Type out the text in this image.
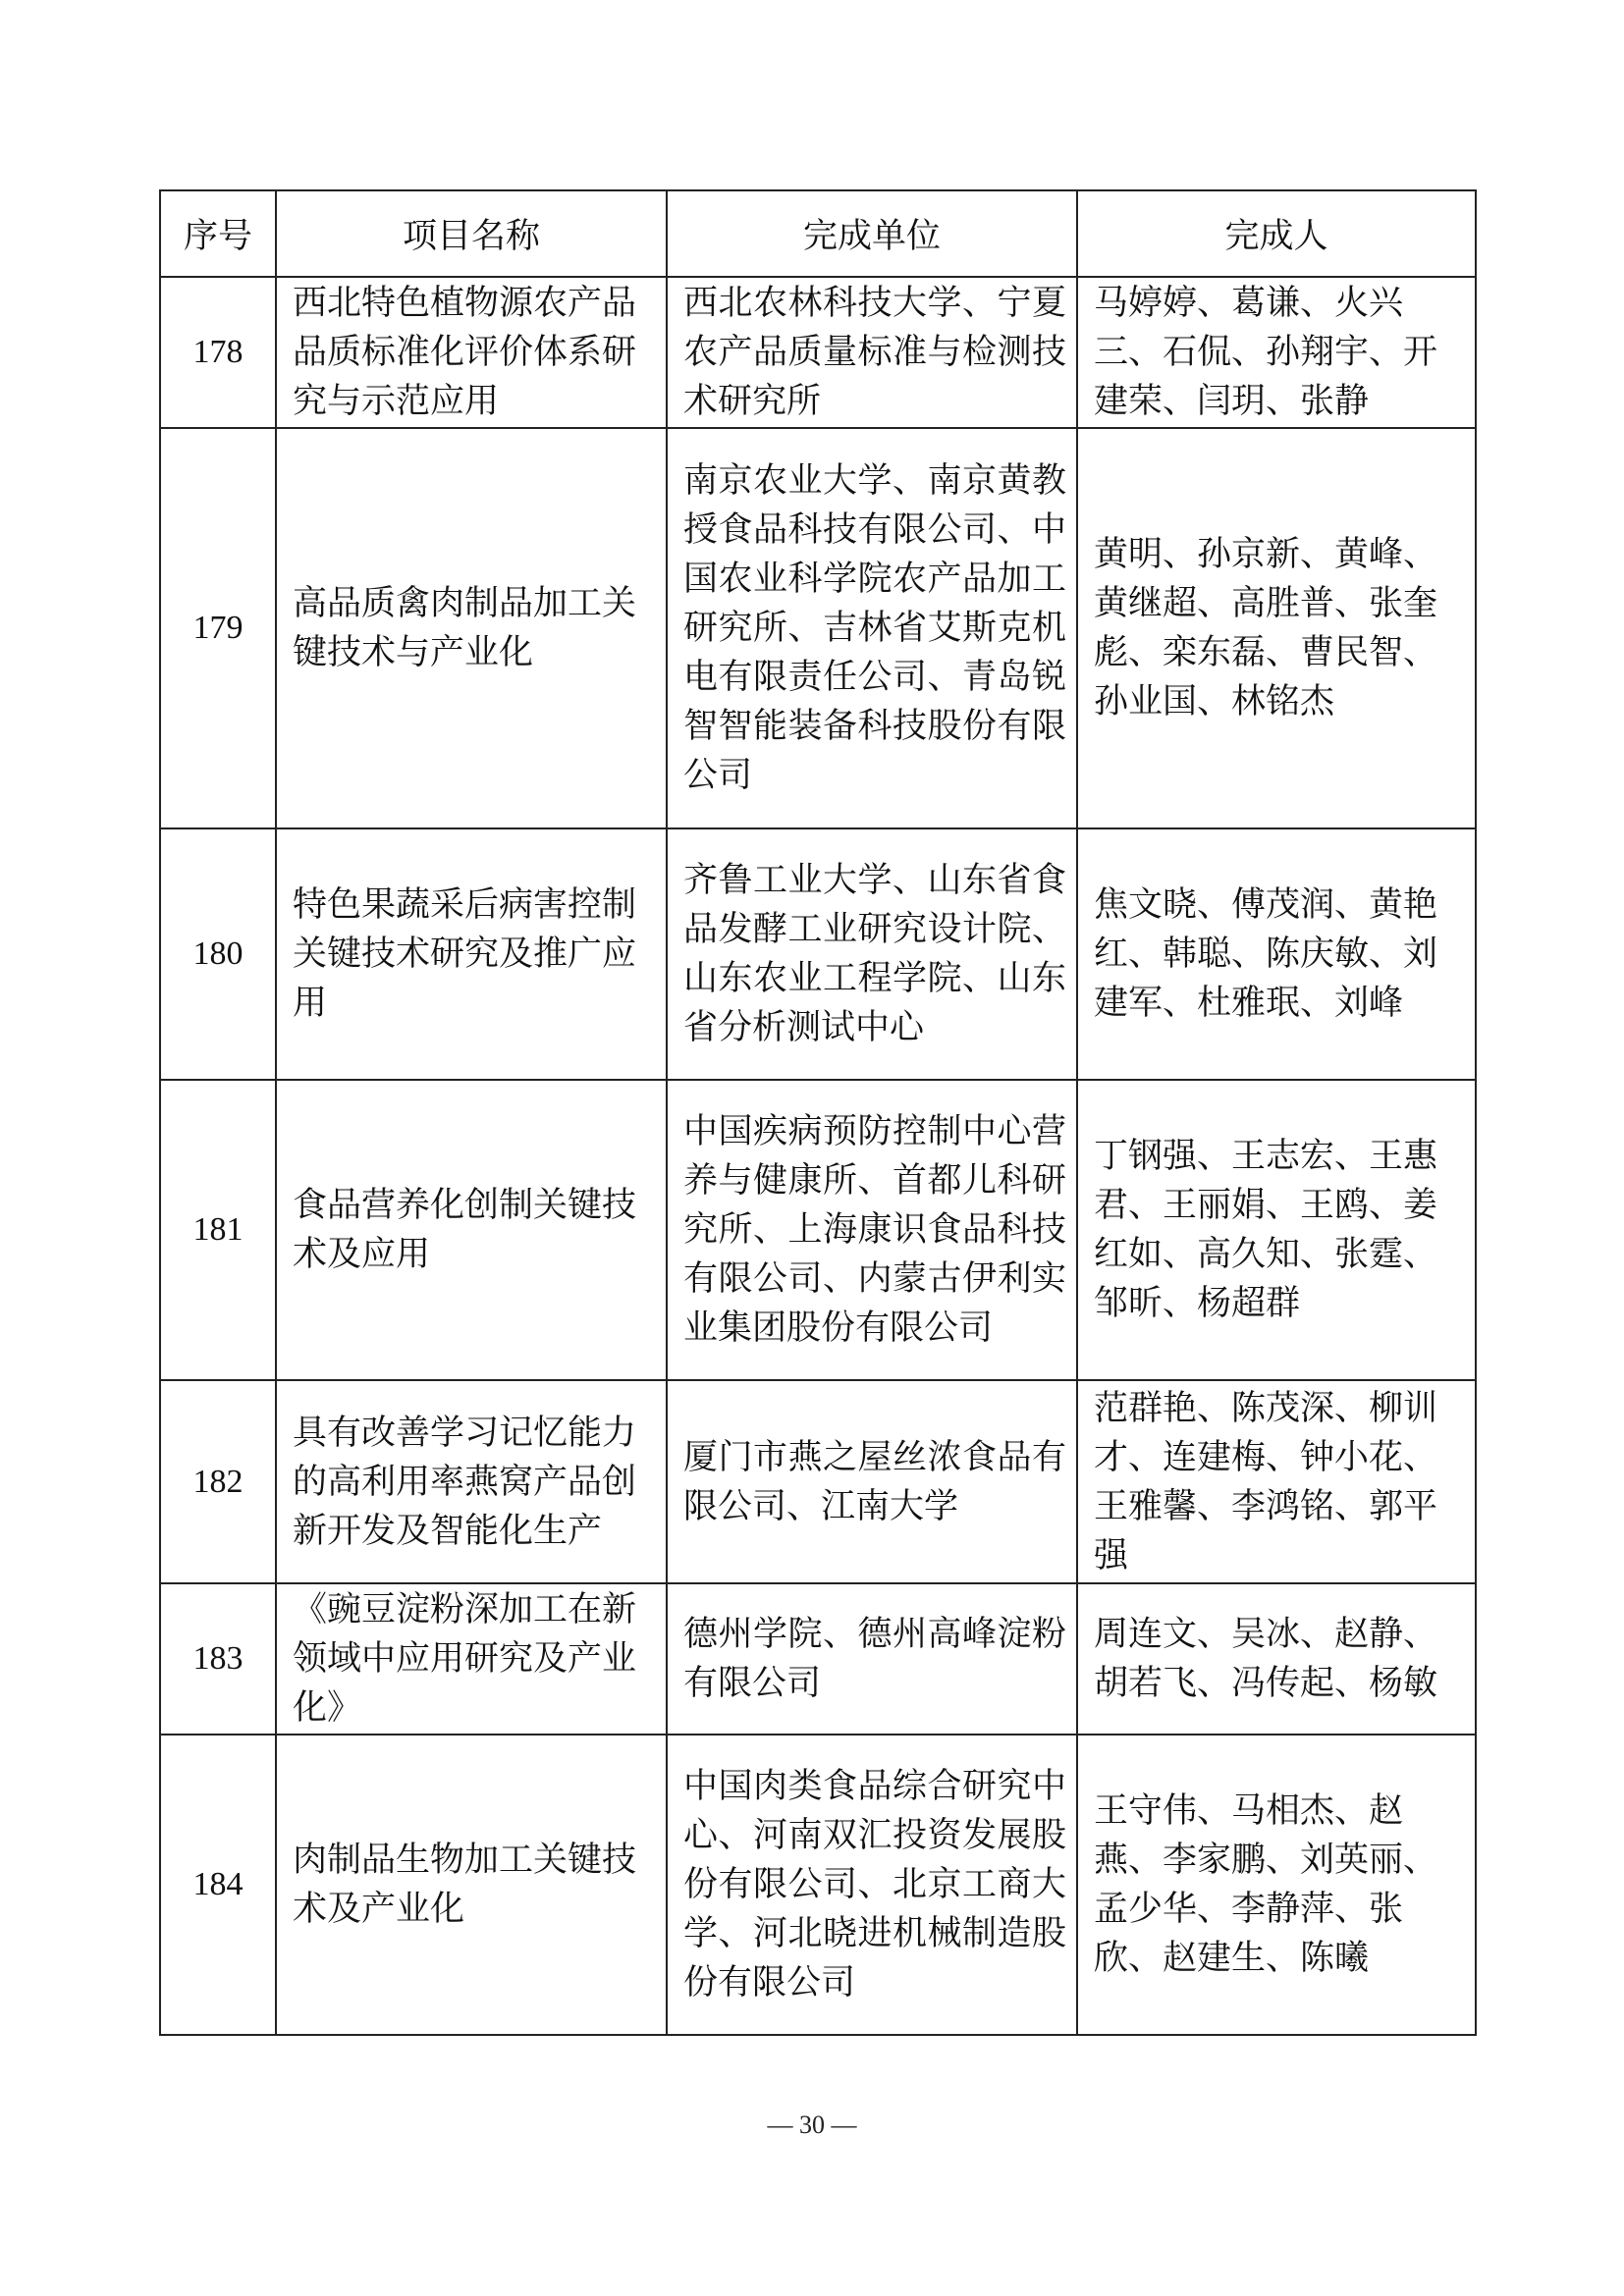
序号	项目名称	完成单位	完成人
178	西北特色植物源农产品品质标准化评价体系研究与示范应用	西北农林科技大学、宁夏农产品质量标准与检测技术研究所	马婷婷、葛谦、火兴三、石侃、孙翔宇、开建荣、闫玥、张静
179	高品质禽肉制品加工关键技术与产业化	南京农业大学、南京黄教授食品科技有限公司、中国农业科学院农产品加工研究所、吉林省艾斯克机电有限责任公司、青岛锐智智能装备科技股份有限公司	黄明、孙京新、黄峰、黄继超、高胜普、张奎彪、栾东磊、曹民智、孙业国、林铭杰
180	特色果蔬采后病害控制关键技术研究及推广应用	齐鲁工业大学、山东省食品发酵工业研究设计院、山东农业工程学院、山东省分析测试中心	焦文晓、傅茂润、黄艳红、韩聪、陈庆敏、刘建军、杜雅珉、刘峰
181	食品营养化创制关键技术及应用	中国疾病预防控制中心营养与健康所、首都儿科研究所、上海康识食品科技有限公司、内蒙古伊利实业集团股份有限公司	丁钢强、王志宏、王惠君、王丽娟、王鸥、姜红如、高久知、张霆、邹昕、杨超群
182	具有改善学习记忆能力的高利用率燕窝产品创新开发及智能化生产	厦门市燕之屋丝浓食品有限公司、江南大学	范群艳、陈茂深、柳训才、连建梅、钟小花、王雅馨、李鸿铭、郭平强
183	《豌豆淀粉深加工在新领域中应用研究及产业化》	德州学院、德州高峰淀粉有限公司	周连文、吴冰、赵静、胡若飞、冯传起、杨敏
184	肉制品生物加工关键技术及产业化	中国肉类食品综合研究中心、河南双汇投资发展股份有限公司、北京工商大学、河北晓进机械制造股份有限公司	王守伟、马相杰、赵燕、李家鹏、刘英丽、孟少华、李静萍、张欣、赵建生、陈曦
— 30 —
